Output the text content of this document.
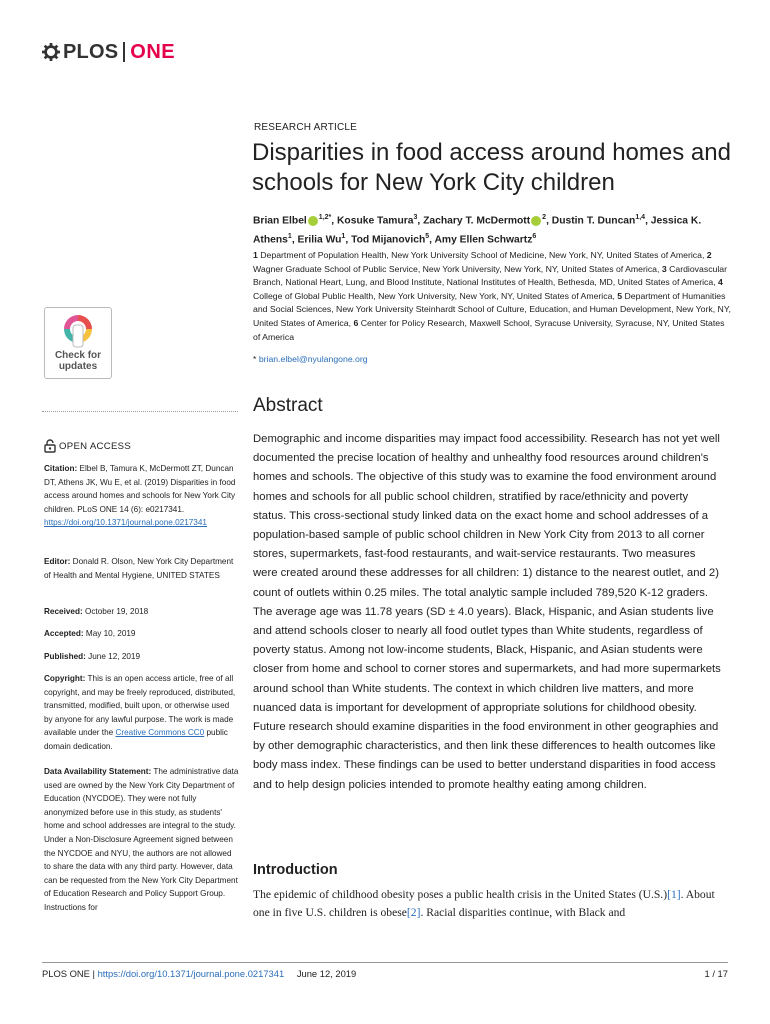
PLOS ONE
RESEARCH ARTICLE
Disparities in food access around homes and schools for New York City children
Brian Elbel $^{1,2*}$, Kosuke Tamura$^3$, Zachary T. McDermott $^2$, Dustin T. Duncan$^{1,4}$, Jessica K. Athens$^1$, Erilia Wu$^1$, Tod Mijanovich$^5$, Amy Ellen Schwartz$^6$
1 Department of Population Health, New York University School of Medicine, New York, NY, United States of America, 2 Wagner Graduate School of Public Service, New York University, New York, NY, United States of America, 3 Cardiovascular Branch, National Heart, Lung, and Blood Institute, National Institutes of Health, Bethesda, MD, United States of America, 4 College of Global Public Health, New York University, New York, NY, United States of America, 5 Department of Humanities and Social Sciences, New York University Steinhardt School of Culture, Education, and Human Development, New York, NY, United States of America, 6 Center for Policy Research, Maxwell School, Syracuse University, Syracuse, NY, United States of America
* brian.elbel@nyulangone.org
Check for
updates
Abstract
Demographic and income disparities may impact food accessibility. Research has not yet well documented the precise location of healthy and unhealthy food resources around children's homes and schools. The objective of this study was to examine the food environment around homes and schools for all public school children, stratified by race/ethnicity and poverty status. This cross-sectional study linked data on the exact home and school addresses of a population-based sample of public school children in New York City from 2013 to all corner stores, supermarkets, fast-food restaurants, and wait-service restaurants. Two measures were created around these addresses for all children: 1) distance to the nearest outlet, and 2) count of outlets within 0.25 miles. The total analytic sample included 789,520 K-12 graders. The average age was 11.78 years (SD ± 4.0 years). Black, Hispanic, and Asian students live and attend schools closer to nearly all food outlet types than White students, regardless of poverty status. Among not low-income students, Black, Hispanic, and Asian students were closer from home and school to corner stores and supermarkets, and had more supermarkets around school than White students. The context in which children live matters, and more nuanced data is important for development of appropriate solutions for childhood obesity. Future research should examine disparities in the food environment in other geographies and by other demographic characteristics, and then link these differences to health outcomes like body mass index. These findings can be used to better understand disparities in food access and to help design policies intended to promote healthy eating among children.
OPEN ACCESS
Citation: Elbel B, Tamura K, McDermott ZT, Duncan DT, Athens JK, Wu E, et al. (2019) Disparities in food access around homes and schools for New York City children. PLoS ONE 14 (6): e0217341. https://doi.org/10.1371/journal.pone.0217341
Editor: Donald R. Olson, New York City Department of Health and Mental Hygiene, UNITED STATES
Received: October 19, 2018
Accepted: May 10, 2019
Published: June 12, 2019
Copyright: This is an open access article, free of all copyright, and may be freely reproduced, distributed, transmitted, modified, built upon, or otherwise used by anyone for any lawful purpose. The work is made available under the Creative Commons CC0 public domain dedication.
Data Availability Statement: The administrative data used are owned by the New York City Department of Education (NYCDOE). They were not fully anonymized before use in this study, as students' home and school addresses are integral to the study. Under a Non-Disclosure Agreement signed between the NYCDOE and NYU, the authors are not allowed to share the data with any third party. However, data can be requested from the New York City Department of Education Research and Policy Support Group. Instructions for
Introduction
The epidemic of childhood obesity poses a public health crisis in the United States (U.S.)[1]. About one in five U.S. children is obese[2]. Racial disparities continue, with Black and
PLOS ONE | https://doi.org/10.1371/journal.pone.0217341 June 12, 2019	1 / 17
